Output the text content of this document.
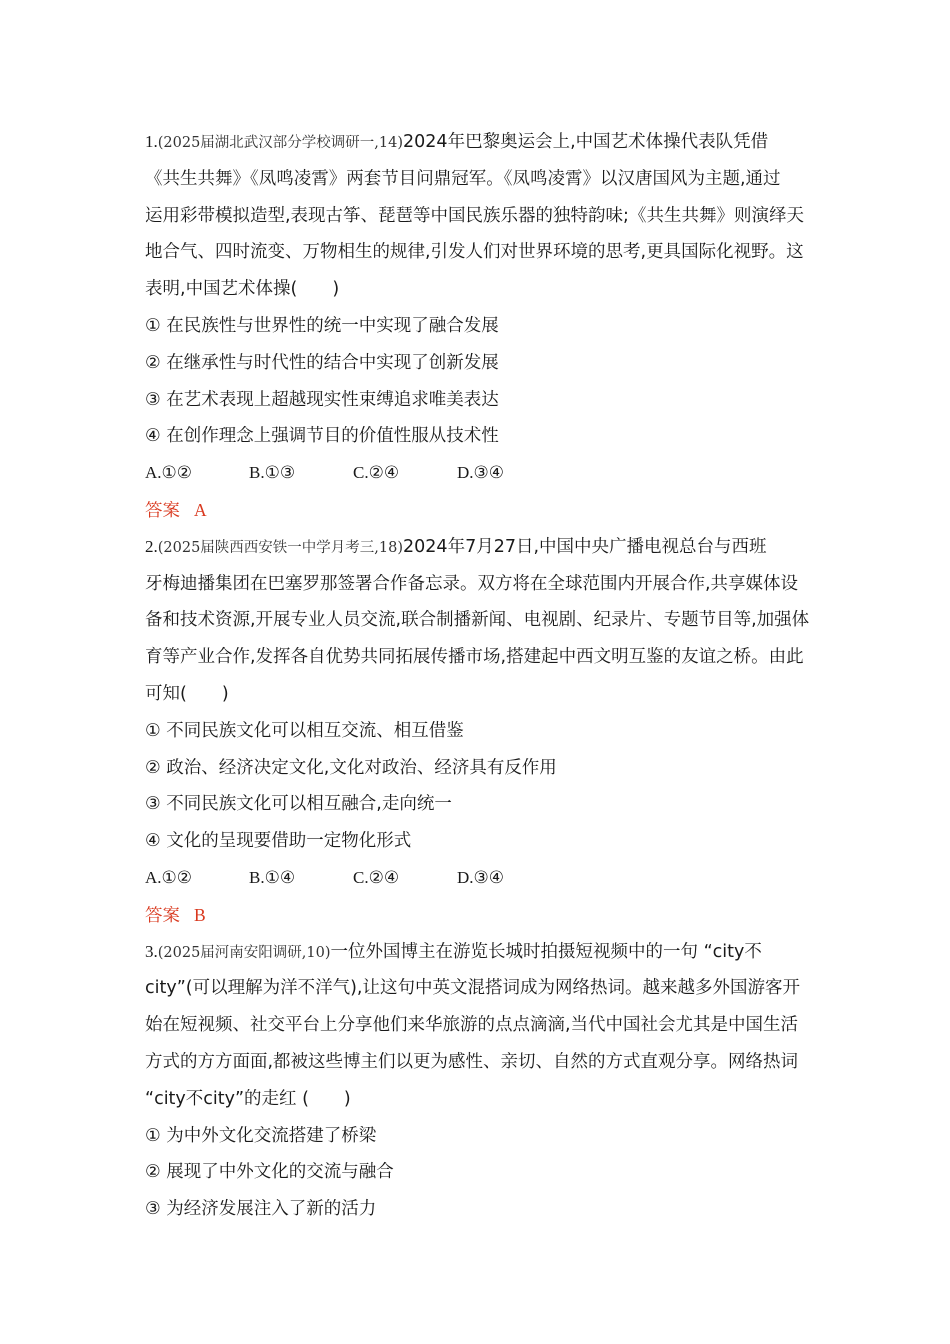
1.(2025届湖北武汉部分学校调研一,14)2024年巴黎奥运会上,中国艺术体操代表队凭借
《共生共舞》《凤鸣凌霄》两套节目问鼎冠军。《凤鸣凌霄》以汉唐国风为主题,通过
运用彩带模拟造型,表现古筝、琵琶等中国民族乐器的独特韵味;《共生共舞》则演绎天
地合气、四时流变、万物相生的规律,引发人们对世界环境的思考,更具国际化视野。这
表明,中国艺术体操(　　)
① 在民族性与世界性的统一中实现了融合发展
② 在继承性与时代性的结合中实现了创新发展
③ 在艺术表现上超越现实性束缚追求唯美表达
④ 在创作理念上强调节目的价值性服从技术性
A.①②	B.①③	C.②④	D.③④
答案 A
2.(2025届陕西西安铁一中学月考三,18)2024年7月27日,中国中央广播电视总台与西班
牙梅迪播集团在巴塞罗那签署合作备忘录。双方将在全球范围内开展合作,共享媒体设
备和技术资源,开展专业人员交流,联合制播新闻、电视剧、纪录片、专题节目等,加强体
育等产业合作,发挥各自优势共同拓展传播市场,搭建起中西文明互鉴的友谊之桥。由此
可知(　　)
① 不同民族文化可以相互交流、相互借鉴
② 政治、经济决定文化,文化对政治、经济具有反作用
③ 不同民族文化可以相互融合,走向统一
④ 文化的呈现要借助一定物化形式
A.①②	B.①④	C.②④	D.③④
答案 B
3.(2025届河南安阳调研,10)一位外国博主在游览长城时拍摄短视频中的一句 “city不
city”(可以理解为洋不洋气),让这句中英文混搭词成为网络热词。越来越多外国游客开
始在短视频、社交平台上分享他们来华旅游的点点滴滴,当代中国社会尤其是中国生活
方式的方方面面,都被这些博主们以更为感性、亲切、自然的方式直观分享。网络热词
“city不city”的走红 (　　)
① 为中外文化交流搭建了桥梁
② 展现了中外文化的交流与融合
③ 为经济发展注入了新的活力
